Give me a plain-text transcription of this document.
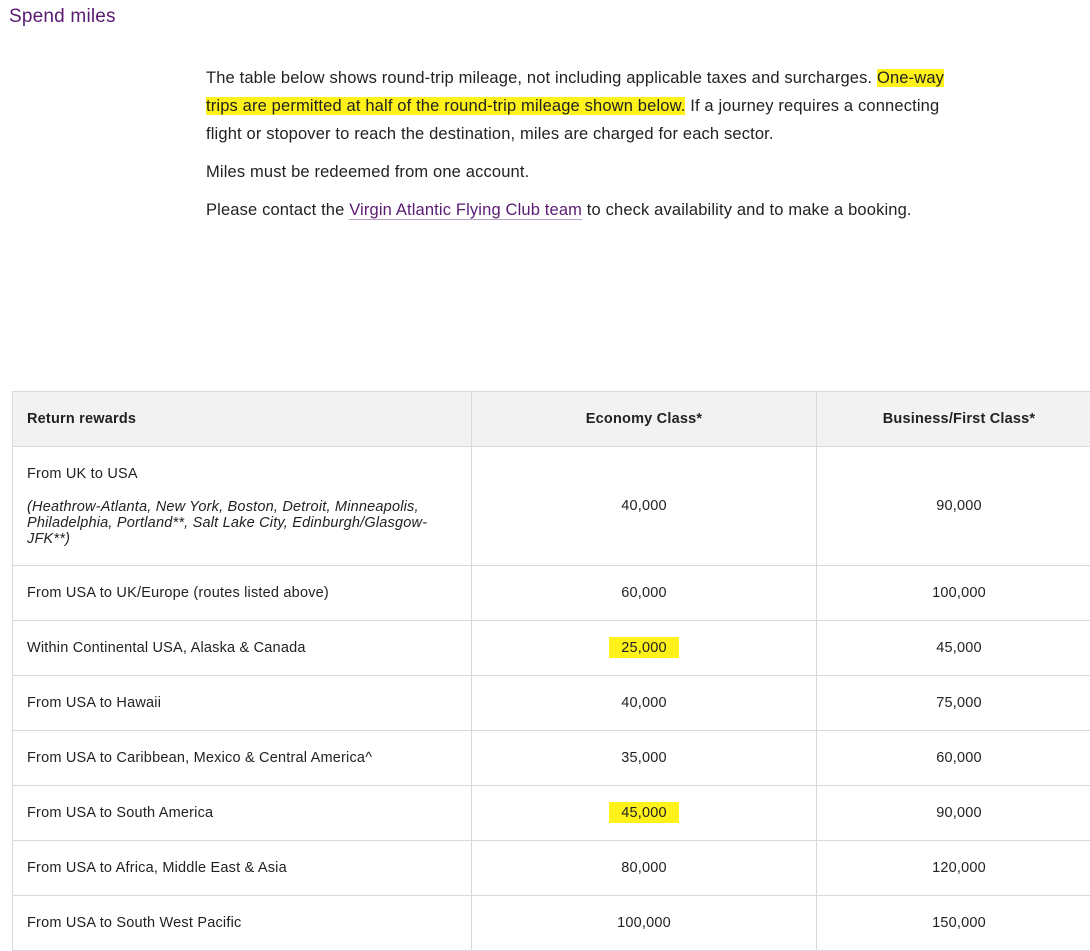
Spend miles

The table below shows round-trip mileage, not including applicable taxes and surcharges. One-way trips are permitted at half of the round-trip mileage shown below. If a journey requires a connecting flight or stopover to reach the destination, miles are charged for each sector.

Miles must be redeemed from one account.

Please contact the Virgin Atlantic Flying Club team to check availability and to make a booking.

Return rewards	Economy Class*	Business/First Class*

From UK to USA
(Heathrow-Atlanta, New York, Boston, Detroit, Minneapolis, Philadelphia, Portland**, Salt Lake City, Edinburgh/Glasgow-JFK**)	40,000	90,000
From USA to UK/Europe (routes listed above)	60,000	100,000
Within Continental USA, Alaska & Canada	25,000	45,000
From USA to Hawaii	40,000	75,000
From USA to Caribbean, Mexico & Central America^	35,000	60,000
From USA to South America	45,000	90,000
From USA to Africa, Middle East & Asia	80,000	120,000
From USA to South West Pacific	100,000	150,000
